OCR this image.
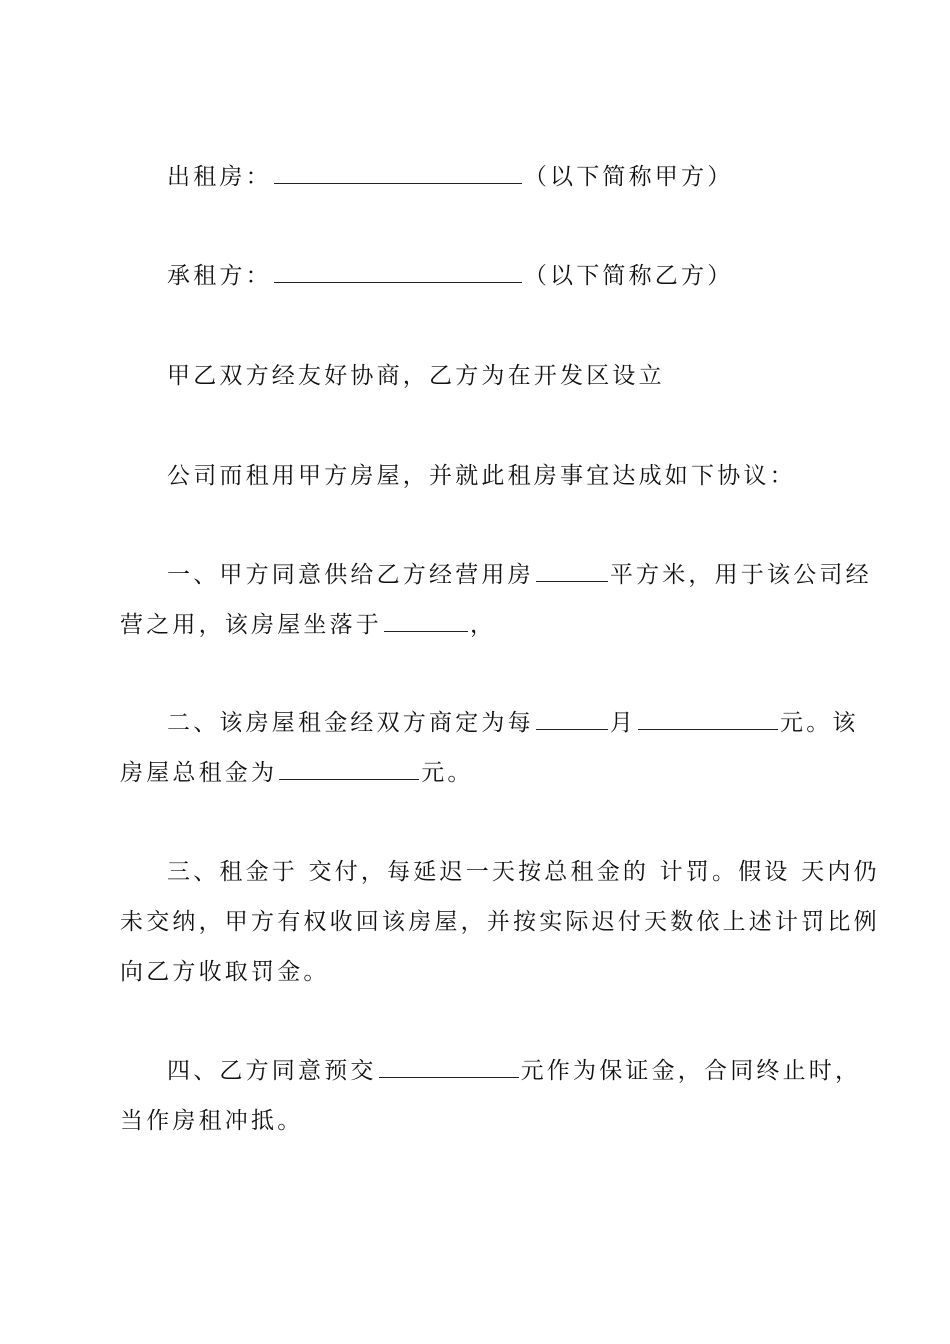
出租房：	（以下简称甲方）
承租方：	（以下简称乙方）
甲乙双方经友好协商，乙方为在开发区设立
公司而租用甲方房屋，并就此租房事宜达成如下协议：
一、甲方同意供给乙方经营用房	平方米，用于该公司经
营之用，该房屋坐落于	，
二、该房屋租金经双方商定为每	月	元。该
房屋总租金为	元。
三、租金于 交付，每延迟一天按总租金的 计罚。假设 天内仍
未交纳，甲方有权收回该房屋，并按实际迟付天数依上述计罚比例
向乙方收取罚金。
四、乙方同意预交	元作为保证金，合同终止时，
当作房租冲抵。
